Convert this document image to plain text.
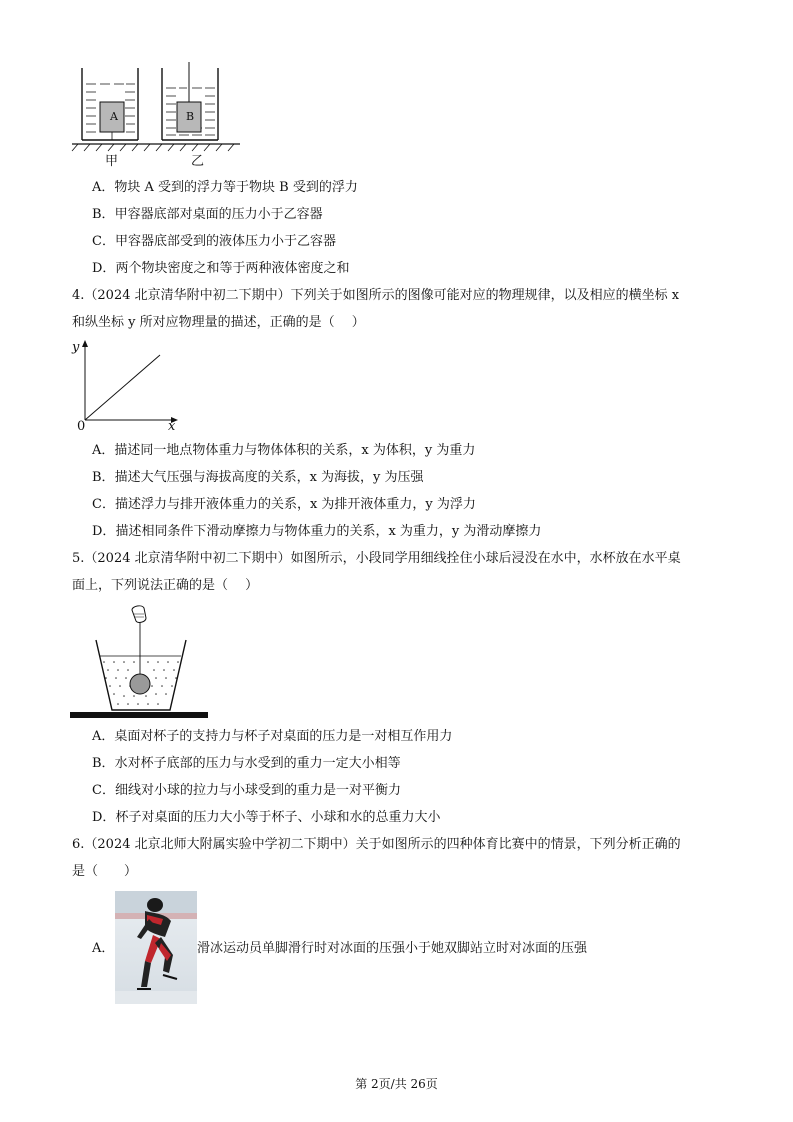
A	B
甲	乙
A．物块 A 受到的浮力等于物块 B 受到的浮力
B．甲容器底部对桌面的压力小于乙容器
C．甲容器底部受到的液体压力小于乙容器
D．两个物块密度之和等于两种液体密度之和
4.（2024 北京清华附中初二下期中）下列关于如图所示的图像可能对应的物理规律，以及相应的横坐标 x
和纵坐标 y 所对应物理量的描述，正确的是（　 ）
y
x
0
A．描述同一地点物体重力与物体体积的关系，x 为体积，y 为重力
B．描述大气压强与海拔高度的关系，x 为海拔，y 为压强
C．描述浮力与排开液体重力的关系，x 为排开液体重力，y 为浮力
D．描述相同条件下滑动摩擦力与物体重力的关系，x 为重力，y 为滑动摩擦力
5.（2024 北京清华附中初二下期中）如图所示，小段同学用细线拴住小球后浸没在水中，水杯放在水平桌
面上，下列说法正确的是（　 ）
A．桌面对杯子的支持力与杯子对桌面的压力是一对相互作用力
B．水对杯子底部的压力与水受到的重力一定大小相等
C．细线对小球的拉力与小球受到的重力是一对平衡力
D．杯子对桌面的压力大小等于杯子、小球和水的总重力大小
6.（2024 北京北师大附属实验中学初二下期中）关于如图所示的四种体育比赛中的情景，下列分析正确的
是（　　）
A．	滑冰运动员单脚滑行时对冰面的压强小于她双脚站立时对冰面的压强
第 2页/共 26页
